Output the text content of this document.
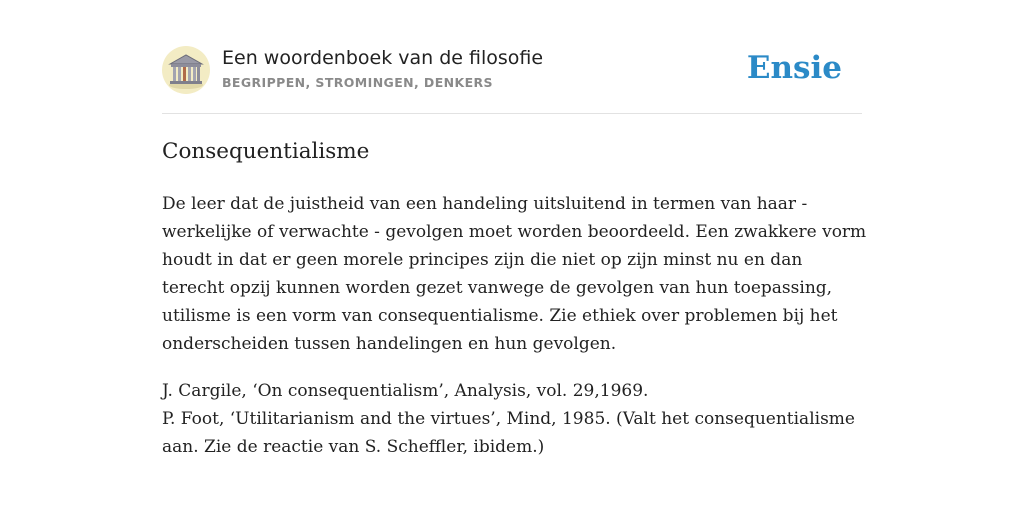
Een woordenboek van de filosofie
BEGRIPPEN, STROMINGEN, DENKERS	Ensie
Consequentialisme

De leer dat de juistheid van een handeling uitsluitend in termen van haar - werkelijke of verwachte - gevolgen moet worden beoordeeld. Een zwakkere vorm houdt in dat er geen morele principes zijn die niet op zijn minst nu en dan terecht opzij kunnen worden gezet vanwege de gevolgen van hun toepassing, utilisme is een vorm van consequentialisme. Zie ethiek over problemen bij het onderscheiden tussen handelingen en hun gevolgen.

J. Cargile, ‘On consequentialism’, Analysis, vol. 29,1969.

P. Foot, ‘Utilitarianism and the virtues’, Mind, 1985. (Valt het consequentialisme aan. Zie de reactie van S. Scheffler, ibidem.)
